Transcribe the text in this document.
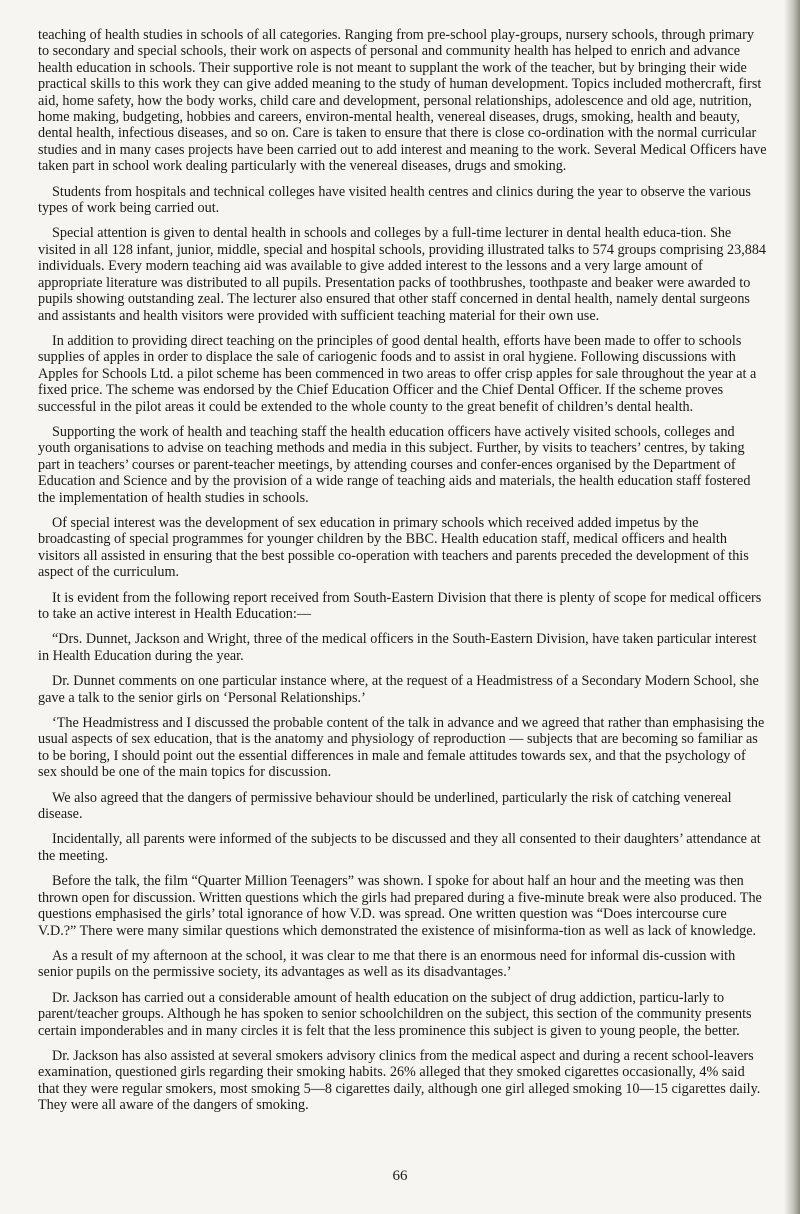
teaching of health studies in schools of all categories. Ranging from pre-school play-groups, nursery schools, through primary to secondary and special schools, their work on aspects of personal and community health has helped to enrich and advance health education in schools. Their supportive role is not meant to supplant the work of the teacher, but by bringing their wide practical skills to this work they can give added meaning to the study of human development. Topics included mothercraft, first aid, home safety, how the body works, child care and development, personal relationships, adolescence and old age, nutrition, home making, budgeting, hobbies and careers, environ-mental health, venereal diseases, drugs, smoking, health and beauty, dental health, infectious diseases, and so on. Care is taken to ensure that there is close co-ordination with the normal curricular studies and in many cases projects have been carried out to add interest and meaning to the work. Several Medical Officers have taken part in school work dealing particularly with the venereal diseases, drugs and smoking.

Students from hospitals and technical colleges have visited health centres and clinics during the year to observe the various types of work being carried out.

Special attention is given to dental health in schools and colleges by a full-time lecturer in dental health educa-tion. She visited in all 128 infant, junior, middle, special and hospital schools, providing illustrated talks to 574 groups comprising 23,884 individuals. Every modern teaching aid was available to give added interest to the lessons and a very large amount of appropriate literature was distributed to all pupils. Presentation packs of toothbrushes, toothpaste and beaker were awarded to pupils showing outstanding zeal. The lecturer also ensured that other staff concerned in dental health, namely dental surgeons and assistants and health visitors were provided with sufficient teaching material for their own use.

In addition to providing direct teaching on the principles of good dental health, efforts have been made to offer to schools supplies of apples in order to displace the sale of cariogenic foods and to assist in oral hygiene. Following discussions with Apples for Schools Ltd. a pilot scheme has been commenced in two areas to offer crisp apples for sale throughout the year at a fixed price. The scheme was endorsed by the Chief Education Officer and the Chief Dental Officer. If the scheme proves successful in the pilot areas it could be extended to the whole county to the great benefit of children’s dental health.

Supporting the work of health and teaching staff the health education officers have actively visited schools, colleges and youth organisations to advise on teaching methods and media in this subject. Further, by visits to teachers’ centres, by taking part in teachers’ courses or parent-teacher meetings, by attending courses and confer-ences organised by the Department of Education and Science and by the provision of a wide range of teaching aids and materials, the health education staff fostered the implementation of health studies in schools.

Of special interest was the development of sex education in primary schools which received added impetus by the broadcasting of special programmes for younger children by the BBC. Health education staff, medical officers and health visitors all assisted in ensuring that the best possible co-operation with teachers and parents preceded the development of this aspect of the curriculum.

It is evident from the following report received from South-Eastern Division that there is plenty of scope for medical officers to take an active interest in Health Education:—

“Drs. Dunnet, Jackson and Wright, three of the medical officers in the South-Eastern Division, have taken particular interest in Health Education during the year.

Dr. Dunnet comments on one particular instance where, at the request of a Headmistress of a Secondary Modern School, she gave a talk to the senior girls on ‘Personal Relationships.’

‘The Headmistress and I discussed the probable content of the talk in advance and we agreed that rather than emphasising the usual aspects of sex education, that is the anatomy and physiology of reproduction — subjects that are becoming so familiar as to be boring, I should point out the essential differences in male and female attitudes towards sex, and that the psychology of sex should be one of the main topics for discussion.

We also agreed that the dangers of permissive behaviour should be underlined, particularly the risk of catching venereal disease.

Incidentally, all parents were informed of the subjects to be discussed and they all consented to their daughters’ attendance at the meeting.

Before the talk, the film “Quarter Million Teenagers” was shown. I spoke for about half an hour and the meeting was then thrown open for discussion. Written questions which the girls had prepared during a five-minute break were also produced. The questions emphasised the girls’ total ignorance of how V.D. was spread. One written question was “Does intercourse cure V.D.?” There were many similar questions which demonstrated the existence of misinforma-tion as well as lack of knowledge.

As a result of my afternoon at the school, it was clear to me that there is an enormous need for informal dis-cussion with senior pupils on the permissive society, its advantages as well as its disadvantages.’

Dr. Jackson has carried out a considerable amount of health education on the subject of drug addiction, particu-larly to parent/teacher groups. Although he has spoken to senior schoolchildren on the subject, this section of the community presents certain imponderables and in many circles it is felt that the less prominence this subject is given to young people, the better.

Dr. Jackson has also assisted at several smokers advisory clinics from the medical aspect and during a recent school-leavers examination, questioned girls regarding their smoking habits. 26% alleged that they smoked cigarettes occasionally, 4% said that they were regular smokers, most smoking 5—8 cigarettes daily, although one girl alleged smoking 10—15 cigarettes daily. They were all aware of the dangers of smoking.

66
